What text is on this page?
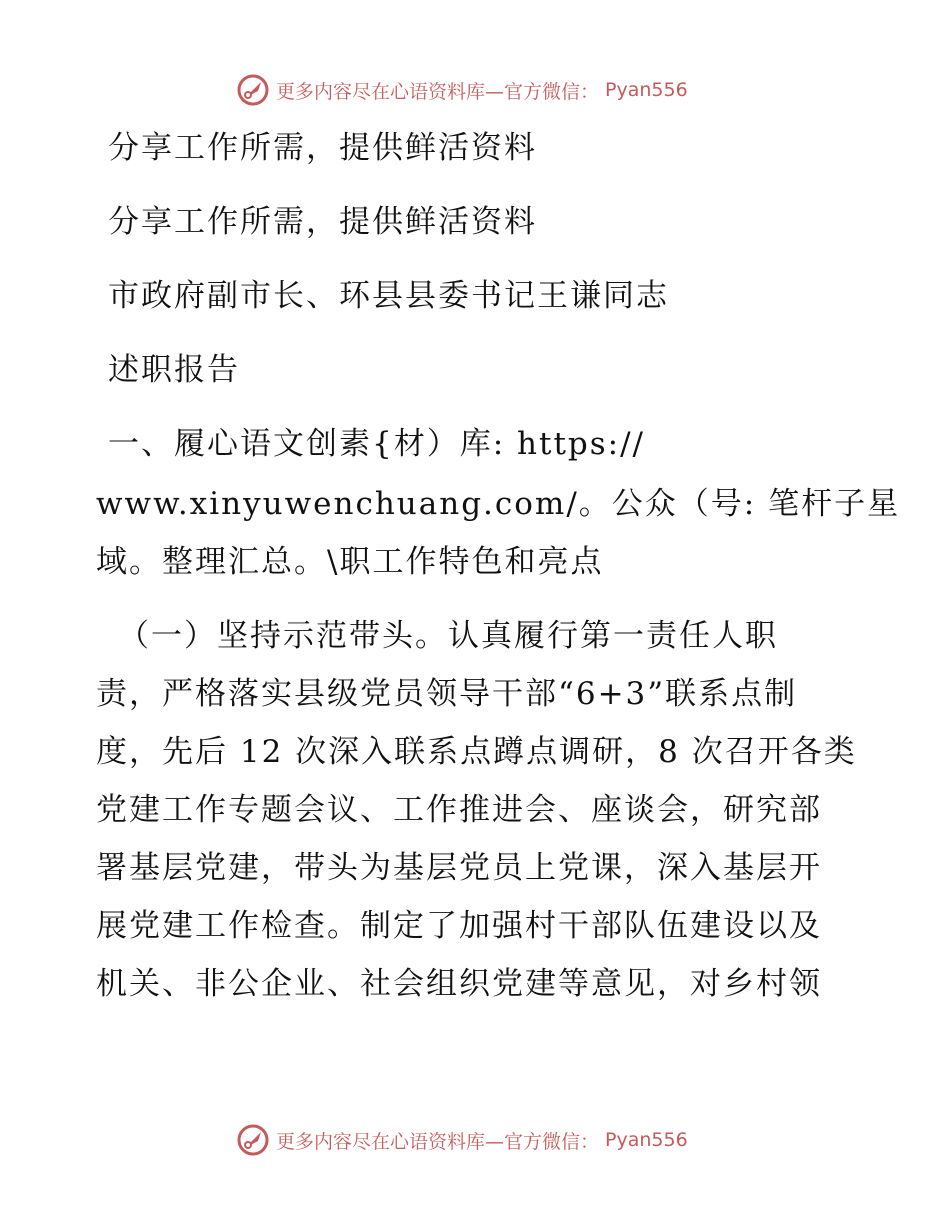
更多内容尽在心语资料库—官方微信： Pyan556
分享工作所需，提供鲜活资料
分享工作所需，提供鲜活资料
市政府副市长、环县县委书记王谦同志
述职报告
一、履心语文创素{材）库: https://
www.xinyuwenchuang.com/。公众（号: 笔杆子星
域。整理汇总。\职工作特色和亮点
（一）坚持示范带头。认真履行第一责任人职
责，严格落实县级党员领导干部“6+3”联系点制
度，先后 12 次深入联系点蹲点调研，8 次召开各类
党建工作专题会议、工作推进会、座谈会，研究部
署基层党建，带头为基层党员上党课，深入基层开
展党建工作检查。制定了加强村干部队伍建设以及
机关、非公企业、社会组织党建等意见，对乡村领
更多内容尽在心语资料库—官方微信： Pyan556
